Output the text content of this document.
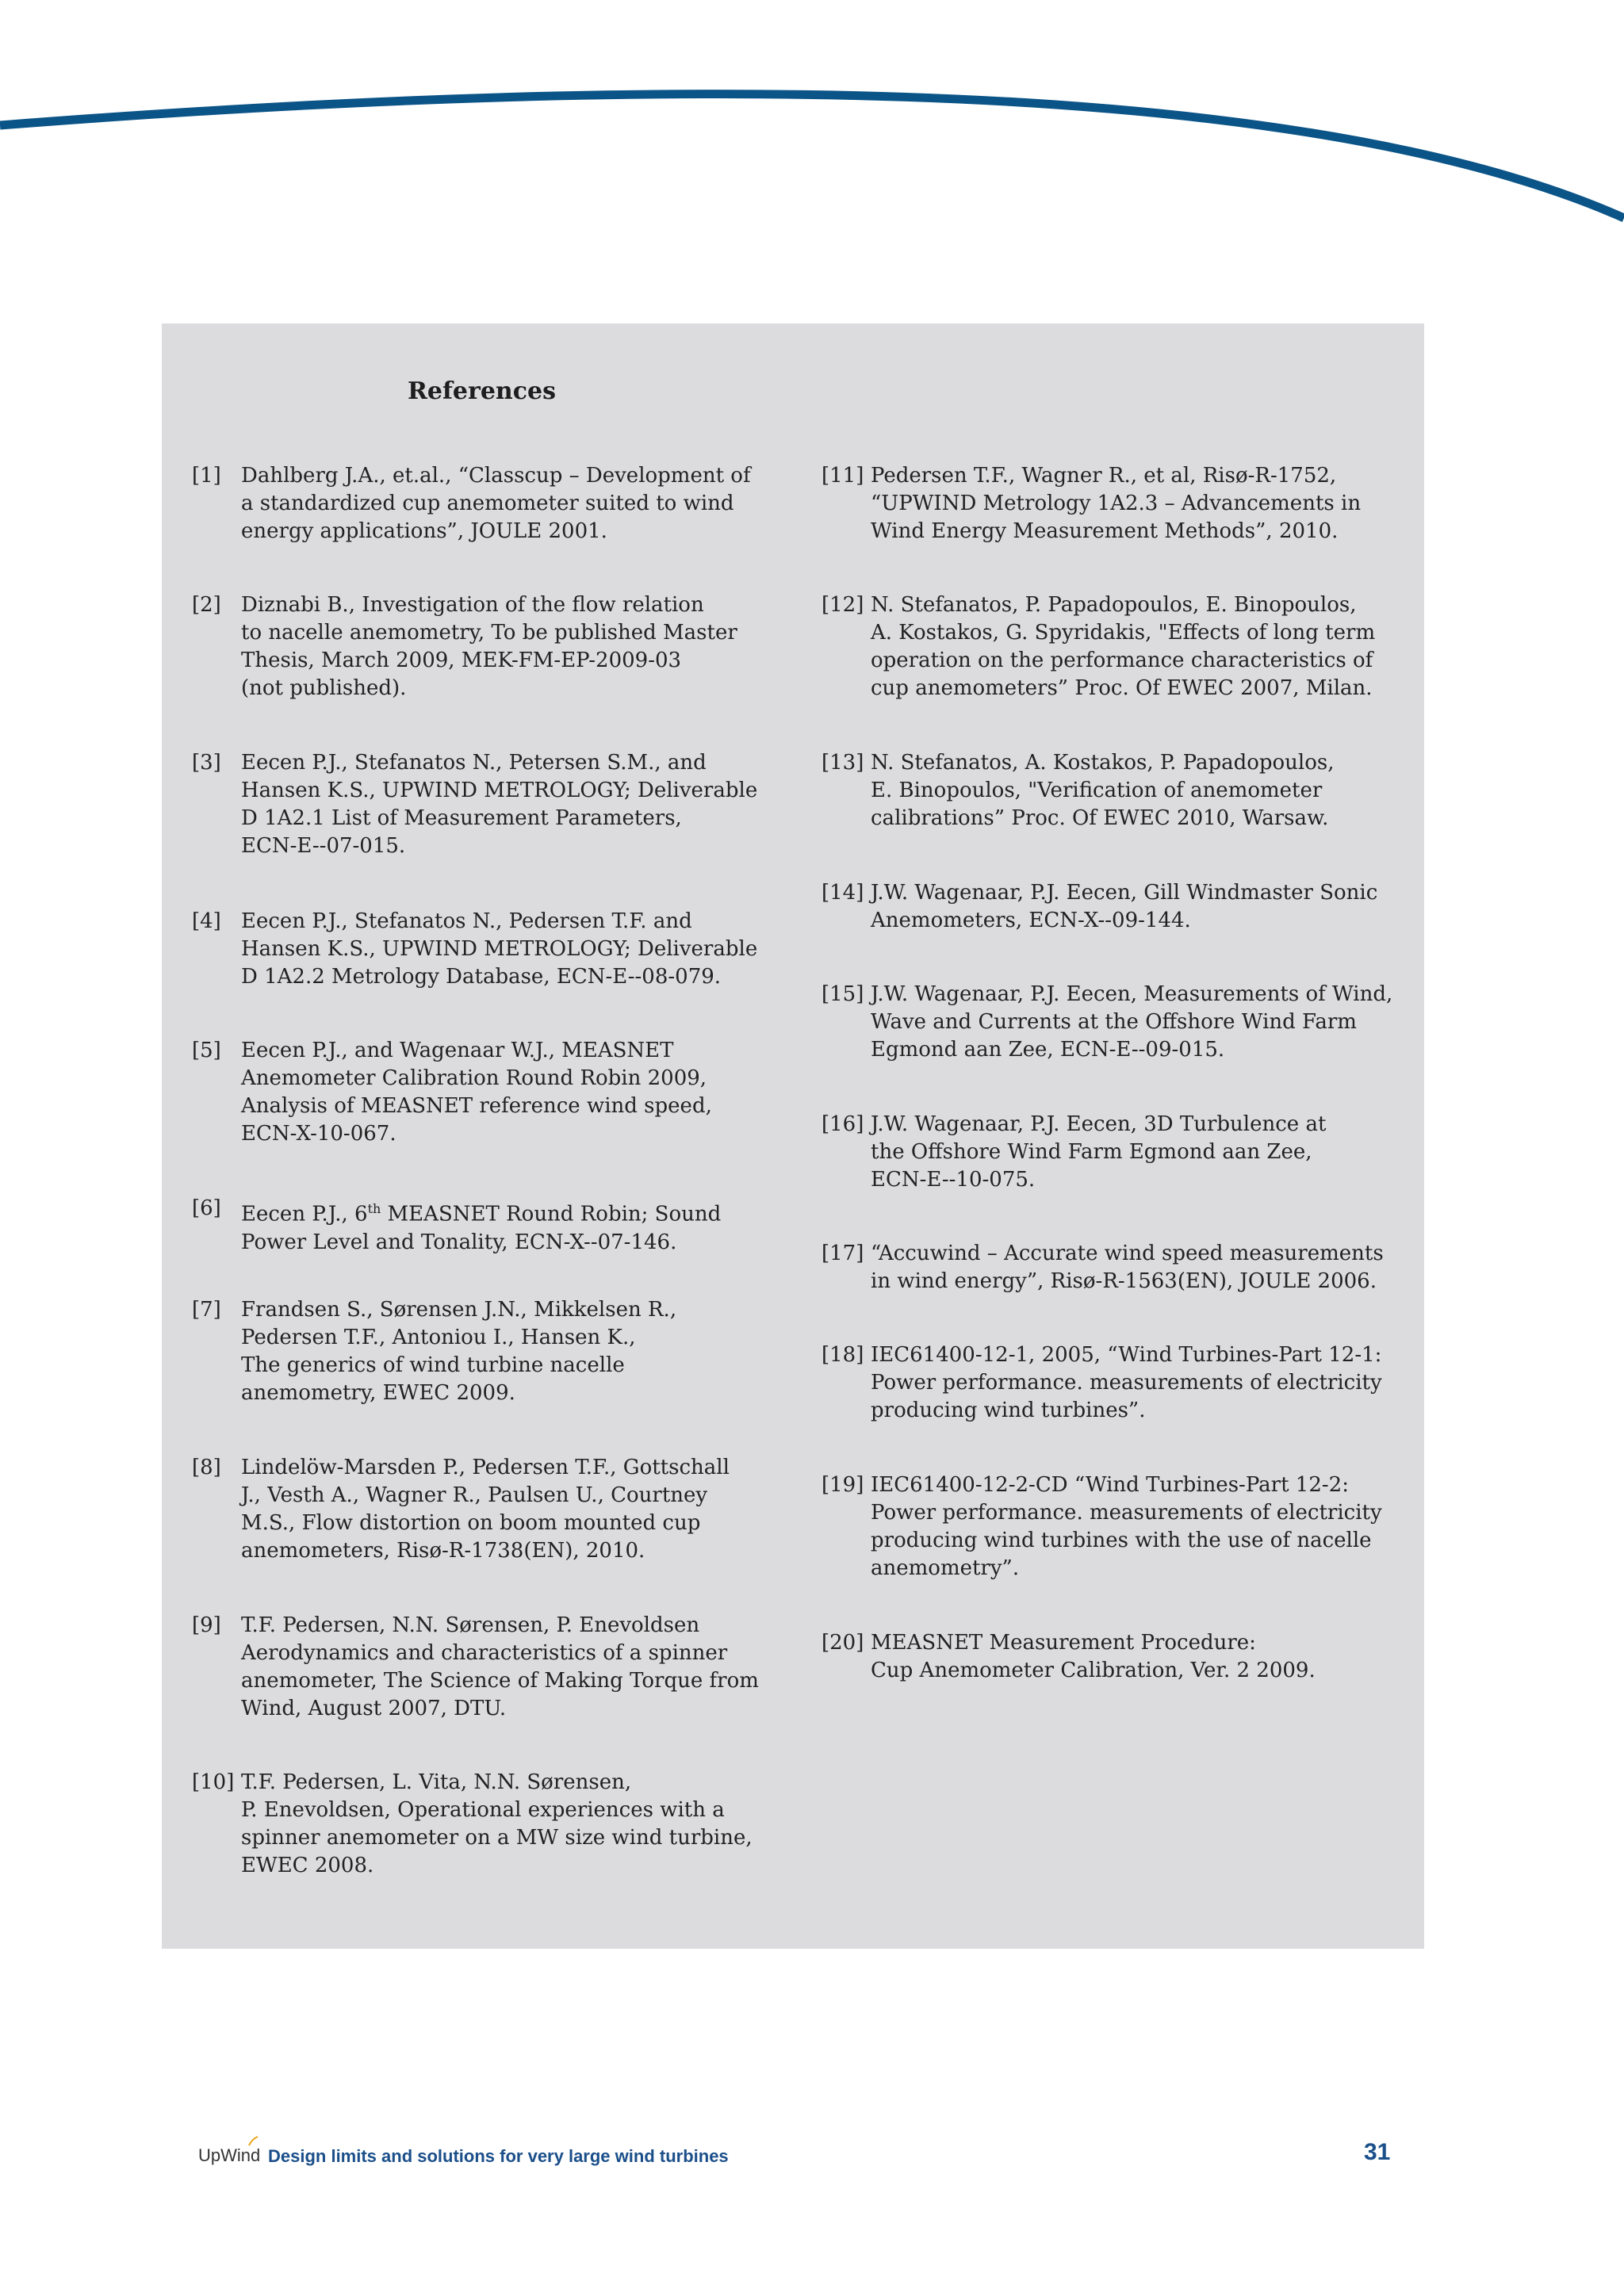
References
[1] Dahlberg J.A., et.al., “Classcup – Development of
a standardized cup anemometer suited to wind
energy applications”, JOULE 2001.
[2] Diznabi B., Investigation of the flow relation
to nacelle anemometry, To be published Master
Thesis, March 2009, MEK-FM-EP-2009-03
(not published).
[3] Eecen P.J., Stefanatos N., Petersen S.M., and
Hansen K.S., UPWIND METROLOGY; Deliverable
D 1A2.1 List of Measurement Parameters,
ECN-E--07-015.
[4] Eecen P.J., Stefanatos N., Pedersen T.F. and
Hansen K.S., UPWIND METROLOGY; Deliverable
D 1A2.2 Metrology Database, ECN-E--08-079.
[5] Eecen P.J., and Wagenaar W.J., MEASNET
Anemometer Calibration Round Robin 2009,
Analysis of MEASNET reference wind speed,
ECN-X-10-067.
[6] Eecen P.J., 6th MEASNET Round Robin; Sound
Power Level and Tonality, ECN-X--07-146.
[7] Frandsen S., Sørensen J.N., Mikkelsen R.,
Pedersen T.F., Antoniou I., Hansen K.,
The generics of wind turbine nacelle
anemometry, EWEC 2009.
[8] Lindelöw-Marsden P., Pedersen T.F., Gottschall
J., Vesth A., Wagner R., Paulsen U., Courtney
M.S., Flow distortion on boom mounted cup
anemometers, Risø-R-1738(EN), 2010.
[9] T.F. Pedersen, N.N. Sørensen, P. Enevoldsen
Aerodynamics and characteristics of a spinner
anemometer, The Science of Making Torque from
Wind, August 2007, DTU.
[10] T.F. Pedersen, L. Vita, N.N. Sørensen,
P. Enevoldsen, Operational experiences with a
spinner anemometer on a MW size wind turbine,
EWEC 2008.
[11] Pedersen T.F., Wagner R., et al, Risø-R-1752,
“UPWIND Metrology 1A2.3 – Advancements in
Wind Energy Measurement Methods”, 2010.
[12] N. Stefanatos, P. Papadopoulos, E. Binopoulos,
A. Kostakos, G. Spyridakis, "Effects of long term
operation on the performance characteristics of
cup anemometers” Proc. Of EWEC 2007, Milan.
[13] N. Stefanatos, A. Kostakos, P. Papadopoulos,
E. Binopoulos, "Verification of anemometer
calibrations” Proc. Of EWEC 2010, Warsaw.
[14] J.W. Wagenaar, P.J. Eecen, Gill Windmaster Sonic
Anemometers, ECN-X--09-144.
[15] J.W. Wagenaar, P.J. Eecen, Measurements of Wind,
Wave and Currents at the Offshore Wind Farm
Egmond aan Zee, ECN-E--09-015.
[16] J.W. Wagenaar, P.J. Eecen, 3D Turbulence at
the Offshore Wind Farm Egmond aan Zee,
ECN-E--10-075.
[17] “Accuwind – Accurate wind speed measurements
in wind energy”, Risø-R-1563(EN), JOULE 2006.
[18] IEC61400-12-1, 2005, “Wind Turbines-Part 12-1:
Power performance. measurements of electricity
producing wind turbines”.
[19] IEC61400-12-2-CD “Wind Turbines-Part 12-2:
Power performance. measurements of electricity
producing wind turbines with the use of nacelle
anemometry”.
[20] MEASNET Measurement Procedure:
Cup Anemometer Calibration, Ver. 2 2009.
UpWind Design limits and solutions for very large wind turbines	31
